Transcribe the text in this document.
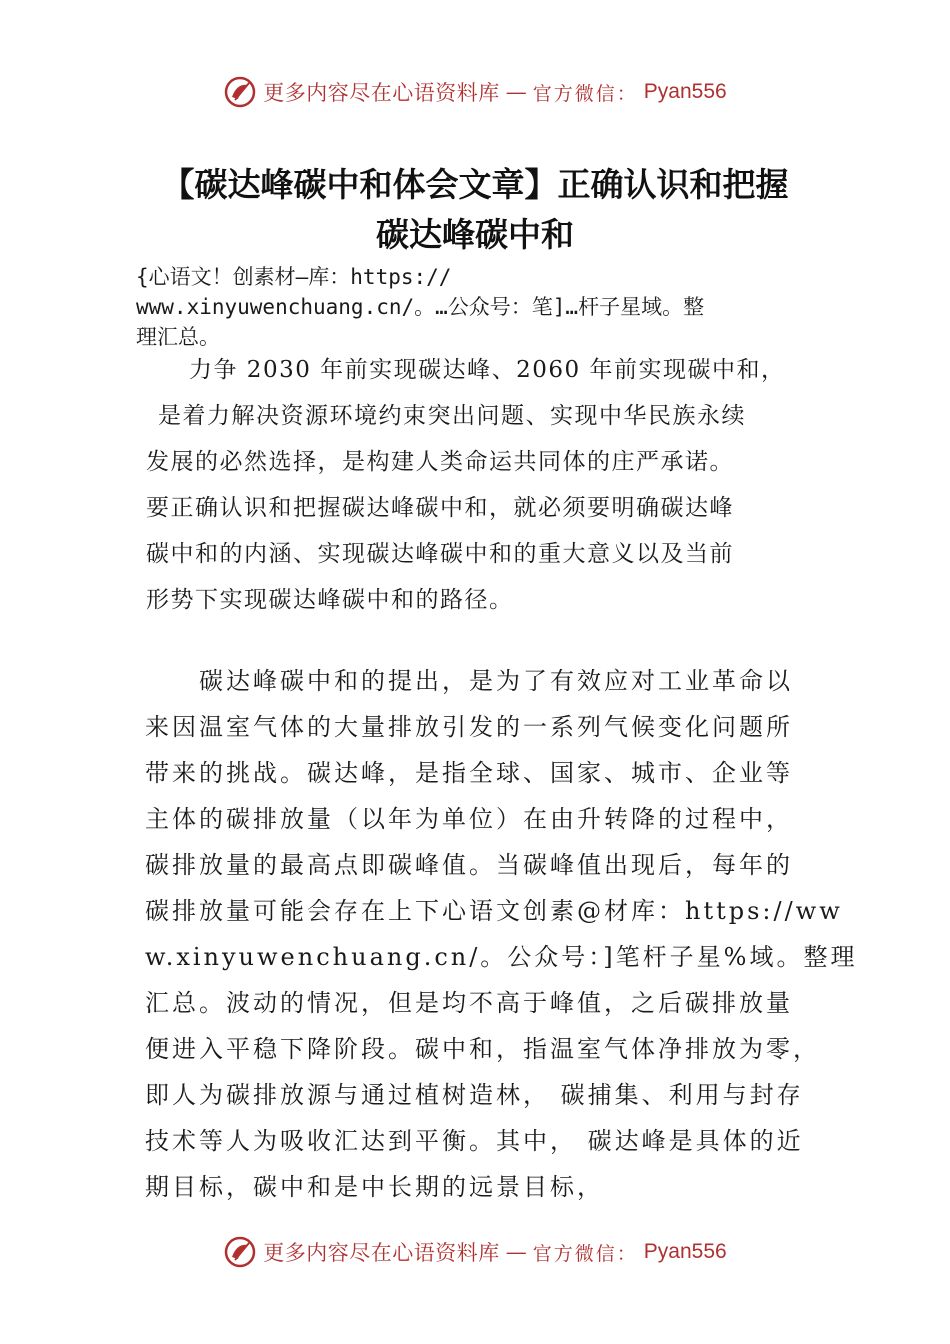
更多内容尽在心语资料库 — 官方微信： Pyan556
【碳达峰碳中和体会文章】正确认识和把握
碳达峰碳中和
{心语文！创素材—库：https://
www.xinyuwenchuang.cn/。…公众号：笔]…杆子星域。整
理汇总。
　　力争 2030 年前实现碳达峰、2060 年前实现碳中和，
是着力解决资源环境约束突出问题、实现中华民族永续
发展的必然选择，是构建人类命运共同体的庄严承诺。
要正确认识和把握碳达峰碳中和，就必须要明确碳达峰
碳中和的内涵、实现碳达峰碳中和的重大意义以及当前
形势下实现碳达峰碳中和的路径。
　　碳达峰碳中和的提出，是为了有效应对工业革命以
来因温室气体的大量排放引发的一系列气候变化问题所
带来的挑战。碳达峰，是指全球、国家、城市、企业等
主体的碳排放量（以年为单位）在由升转降的过程中，
碳排放量的最高点即碳峰值。当碳峰值出现后，每年的
碳排放量可能会存在上下心语文创素@材库：https://ww
w.xinyuwenchuang.cn/。公众号：]笔杆子星%域。整理
汇总。波动的情况，但是均不高于峰值，之后碳排放量
便进入平稳下降阶段。碳中和，指温室气体净排放为零，
即人为碳排放源与通过植树造林， 碳捕集、利用与封存
技术等人为吸收汇达到平衡。其中， 碳达峰是具体的近
期目标，碳中和是中长期的远景目标，
更多内容尽在心语资料库 — 官方微信： Pyan556
